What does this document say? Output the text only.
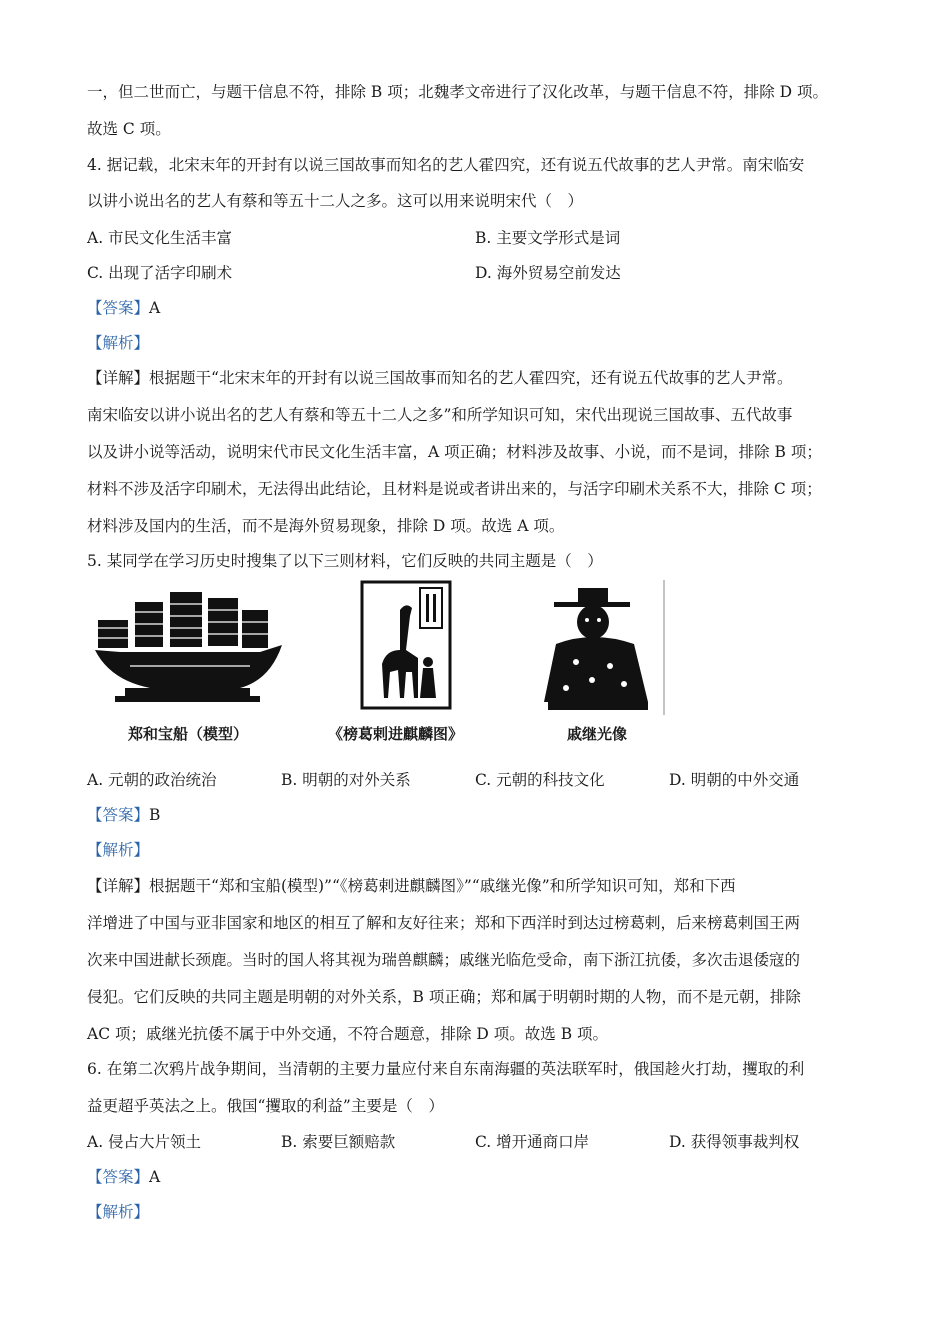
一，但二世而亡，与题干信息不符，排除 B 项；北魏孝文帝进行了汉化改革，与题干信息不符，排除 D 项。
故选 C 项。
4. 据记载，北宋末年的开封有以说三国故事而知名的艺人霍四究，还有说五代故事的艺人尹常。南宋临安
以讲小说出名的艺人有蔡和等五十二人之多。这可以用来说明宋代（　）
A. 市民文化生活丰富	B. 主要文学形式是词
C. 出现了活字印刷术	D. 海外贸易空前发达
【答案】A
【解析】
【详解】根据题干“北宋末年的开封有以说三国故事而知名的艺人霍四究，还有说五代故事的艺人尹常。
南宋临安以讲小说出名的艺人有蔡和等五十二人之多”和所学知识可知，宋代出现说三国故事、五代故事
以及讲小说等活动，说明宋代市民文化生活丰富，A 项正确；材料涉及故事、小说，而不是词，排除 B 项；
材料不涉及活字印刷术，无法得出此结论，且材料是说或者讲出来的，与活字印刷术关系不大，排除 C 项；
材料涉及国内的生活，而不是海外贸易现象，排除 D 项。故选 A 项。
5. 某同学在学习历史时搜集了以下三则材料，它们反映的共同主题是（　）
郑和宝船（模型）	《榜葛剌进麒麟图》	戚继光像
A. 元朝的政治统治	B. 明朝的对外关系	C. 元朝的科技文化	D. 明朝的中外交通
【答案】B
【解析】
【详解】根据题干“郑和宝船(模型)”“《榜葛剌进麒麟图》”“戚继光像”和所学知识可知，郑和下西
洋增进了中国与亚非国家和地区的相互了解和友好往来；郑和下西洋时到达过榜葛剌，后来榜葛剌国王两
次来中国进献长颈鹿。当时的国人将其视为瑞兽麒麟；戚继光临危受命，南下浙江抗倭，多次击退倭寇的
侵犯。它们反映的共同主题是明朝的对外关系，B 项正确；郑和属于明朝时期的人物，而不是元朝，排除
AC 项；戚继光抗倭不属于中外交通，不符合题意，排除 D 项。故选 B 项。
6. 在第二次鸦片战争期间，当清朝的主要力量应付来自东南海疆的英法联军时，俄国趁火打劫，攫取的利
益更超乎英法之上。俄国“攫取的利益”主要是（　）
A. 侵占大片领土	B. 索要巨额赔款	C. 增开通商口岸	D. 获得领事裁判权
【答案】A
【解析】
